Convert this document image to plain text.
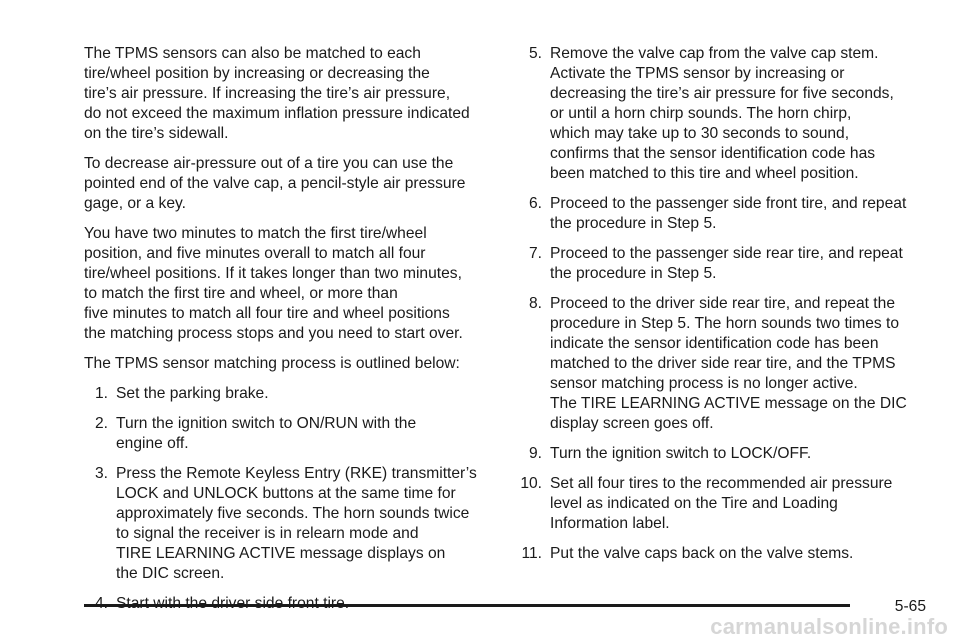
The TPMS sensors can also be matched to each
tire/wheel position by increasing or decreasing the
tire’s air pressure. If increasing the tire’s air pressure,
do not exceed the maximum inflation pressure indicated
on the tire’s sidewall.

To decrease air-pressure out of a tire you can use the
pointed end of the valve cap, a pencil-style air pressure
gage, or a key.

You have two minutes to match the first tire/wheel
position, and five minutes overall to match all four
tire/wheel positions. If it takes longer than two minutes,
to match the first tire and wheel, or more than
five minutes to match all four tire and wheel positions
the matching process stops and you need to start over.

The TPMS sensor matching process is outlined below:

1. Set the parking brake.
2. Turn the ignition switch to ON/RUN with the
engine off.
3. Press the Remote Keyless Entry (RKE) transmitter’s
LOCK and UNLOCK buttons at the same time for
approximately five seconds. The horn sounds twice
to signal the receiver is in relearn mode and
TIRE LEARNING ACTIVE message displays on
the DIC screen.
5. Remove the valve cap from the valve cap stem.
Activate the TPMS sensor by increasing or
decreasing the tire’s air pressure for five seconds,
or until a horn chirp sounds. The horn chirp,
which may take up to 30 seconds to sound,
confirms that the sensor identification code has
been matched to this tire and wheel position.
6. Proceed to the passenger side front tire, and repeat
the procedure in Step 5.
7. Proceed to the passenger side rear tire, and repeat
the procedure in Step 5.
8. Proceed to the driver side rear tire, and repeat the
procedure in Step 5. The horn sounds two times to
indicate the sensor identification code has been
matched to the driver side rear tire, and the TPMS
sensor matching process is no longer active.
The TIRE LEARNING ACTIVE message on the DIC
display screen goes off.
9. Turn the ignition switch to LOCK/OFF.
10. Set all four tires to the recommended air pressure
level as indicated on the Tire and Loading
Information label.
11. Put the valve caps back on the valve stems.
5-65
carmanualsonline.info
